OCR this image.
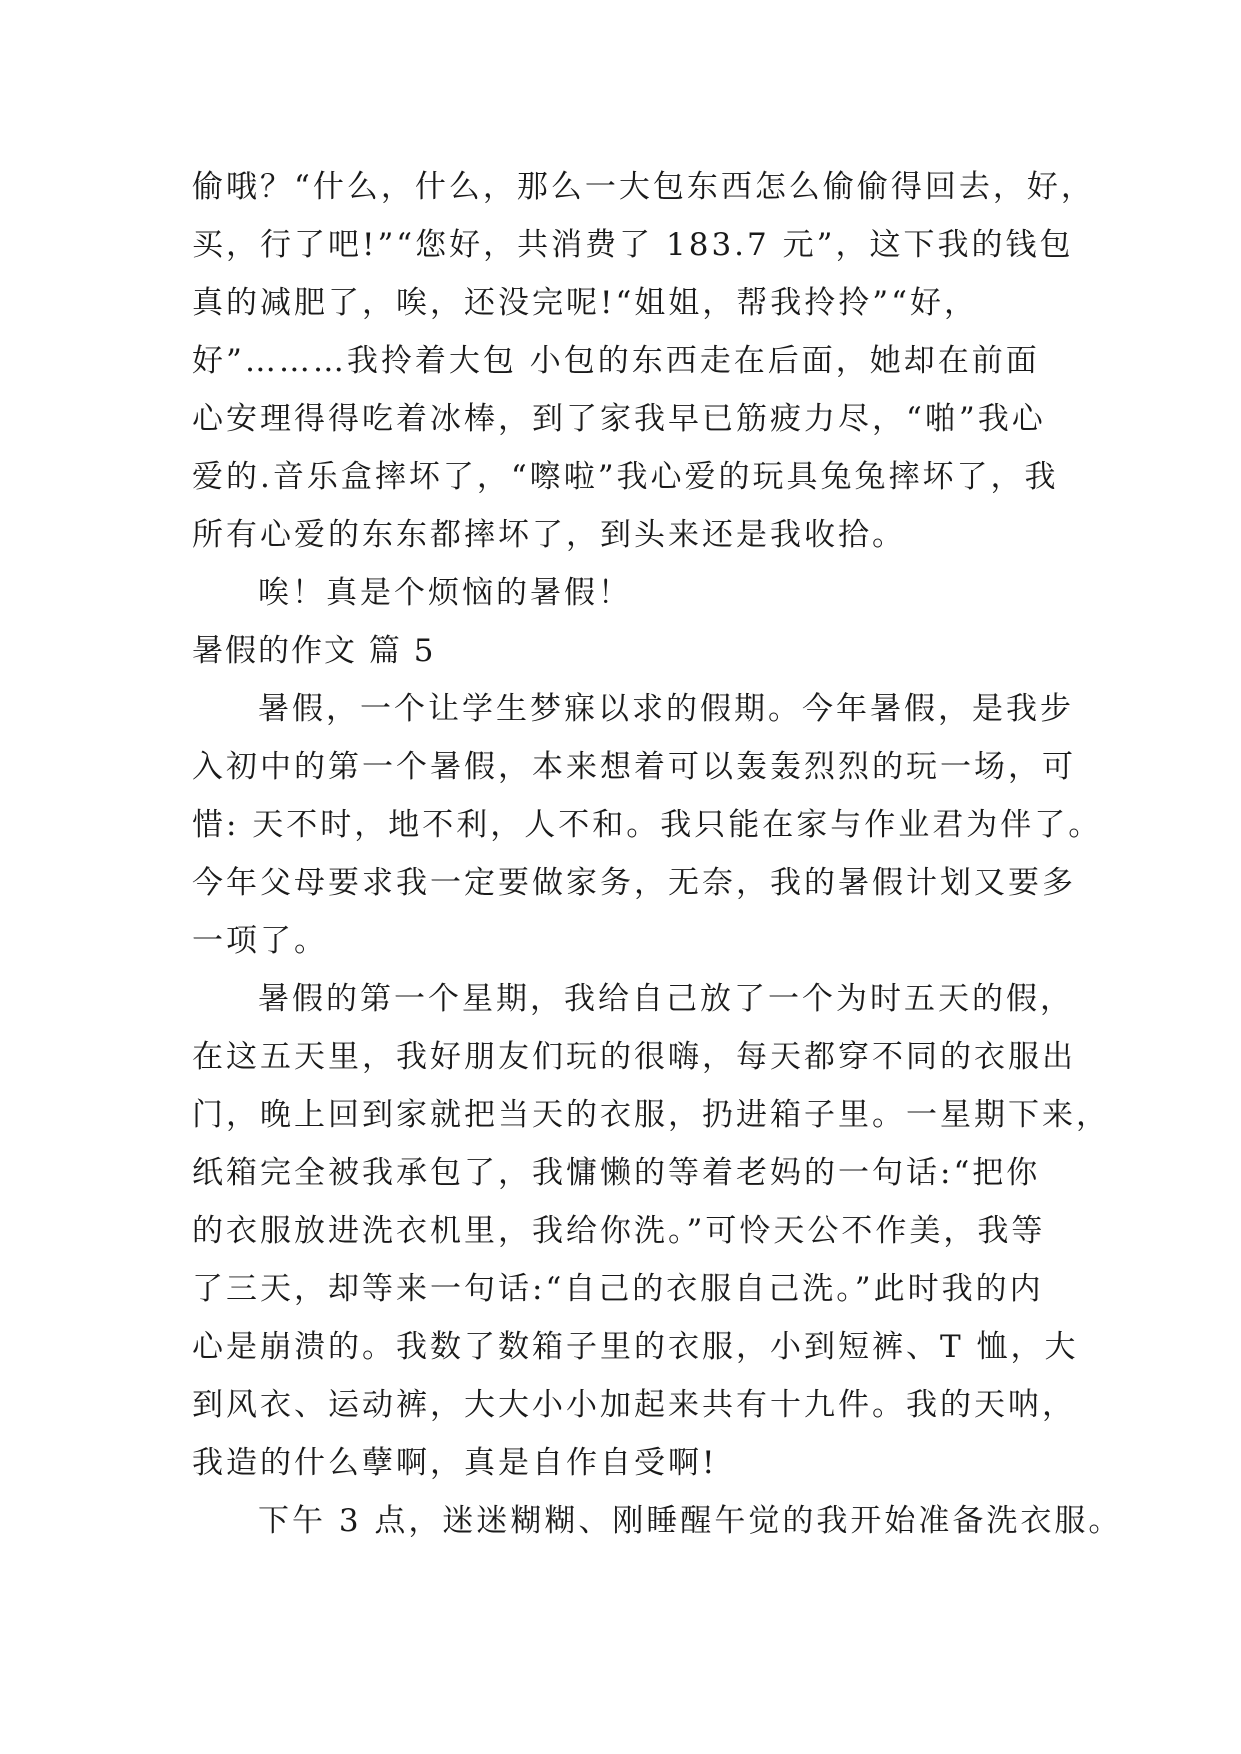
偷哦？“什么，什么，那么一大包东西怎么偷偷得回去，好，
买，行了吧!”“您好，共消费了 183.7 元”，这下我的钱包
真的减肥了，唉，还没完呢!“姐姐，帮我拎拎”“好，
好”………我拎着大包 小包的东西走在后面，她却在前面
心安理得得吃着冰棒，到了家我早已筋疲力尽，“啪”我心
爱的.音乐盒摔坏了，“嚓啦”我心爱的玩具兔兔摔坏了，我
所有心爱的东东都摔坏了，到头来还是我收拾。
唉！真是个烦恼的暑假！
暑假的作文 篇 5
暑假，一个让学生梦寐以求的假期。今年暑假，是我步
入初中的第一个暑假，本来想着可以轰轰烈烈的玩一场，可
惜: 天不时，地不利，人不和。我只能在家与作业君为伴了。
今年父母要求我一定要做家务，无奈，我的暑假计划又要多
一项了。
暑假的第一个星期，我给自己放了一个为时五天的假，
在这五天里，我好朋友们玩的很嗨，每天都穿不同的衣服出
门，晚上回到家就把当天的衣服，扔进箱子里。一星期下来，
纸箱完全被我承包了，我慵懒的等着老妈的一句话:“把你
的衣服放进洗衣机里，我给你洗。”可怜天公不作美，我等
了三天，却等来一句话:“自己的衣服自己洗。”此时我的内
心是崩溃的。我数了数箱子里的衣服，小到短裤、T 恤，大
到风衣、运动裤，大大小小加起来共有十九件。我的天呐，
我造的什么孽啊，真是自作自受啊!
下午 3 点，迷迷糊糊、刚睡醒午觉的我开始准备洗衣服。
